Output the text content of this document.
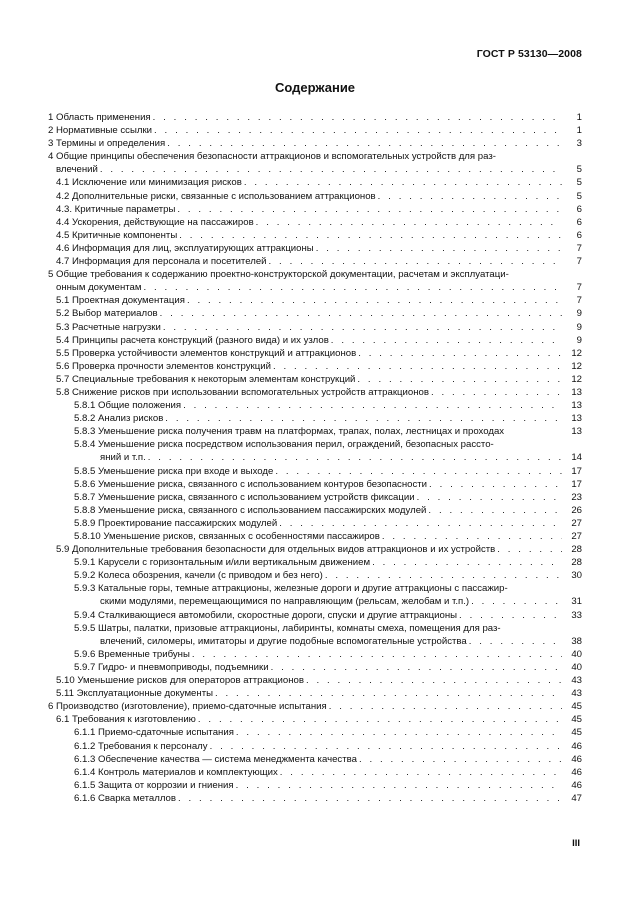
ГОСТ Р 53130—2008
Содержание
1 Область применения . . .	1
2 Нормативные ссылки . . .	1
3 Термины и определения . . .	3
4 Общие принципы обеспечения безопасности аттракционов и вспомогательных устройств для раз-
влечений . . .	5
4.1 Исключение или минимизация рисков . . .	5
4.2 Дополнительные риски, связанные с использованием аттракционов . . .	5
4.3. Критичные параметры . . .	6
4.4 Ускорения, действующие на пассажиров . . .	6
4.5 Критичные компоненты . . .	6
4.6 Информация для лиц, эксплуатирующих аттракционы . . .	7
4.7 Информация для персонала и посетителей . . .	7
5 Общие требования к содержанию проектно-конструкторской документации, расчетам и эксплуатаци-
онным документам . . .	7
5.1 Проектная документация . . .	7
5.2 Выбор материалов . . .	9
5.3 Расчетные нагрузки . . .	9
5.4 Принципы расчета конструкций (разного вида) и их узлов . . .	9
5.5 Проверка устойчивости элементов конструкций и аттракционов . . .	12
5.6 Проверка прочности элементов конструкций . . .	12
5.7 Специальные требования к некоторым элементам конструкций . . .	12
5.8 Снижение рисков при использовании вспомогательных устройств аттракционов . . .	13
5.8.1 Общие положения . . .	13
5.8.2 Анализ рисков . . .	13
5.8.3 Уменьшение риска получения травм на платформах, трапах, полах, лестницах и проходах	13
5.8.4 Уменьшение риска посредством использования перил, ограждений, безопасных рассто-
яний и т.п. . . .	14
5.8.5 Уменьшение риска при входе и выходе . . .	17
5.8.6 Уменьшение риска, связанного с использованием контуров безопасности . . .	17
5.8.7 Уменьшение риска, связанного с использованием устройств фиксации . . .	23
5.8.8 Уменьшение риска, связанного с использованием пассажирских модулей . . .	26
5.8.9 Проектирование пассажирских модулей . . .	27
5.8.10 Уменьшение рисков, связанных с особенностями пассажиров . . .	27
5.9 Дополнительные требования безопасности для отдельных видов аттракционов и их устройств . . .	28
5.9.1 Карусели с горизонтальным и/или вертикальным движением . . .	28
5.9.2 Колеса обозрения, качели (с приводом и без него) . . .	30
5.9.3 Катальные горы, темные аттракционы, железные дороги и другие аттракционы с пассажир-
скими модулями, перемещающимися по направляющим (рельсам, желобам и т.п.) . . .	31
5.9.4 Сталкивающиеся автомобили, скоростные дороги, спуски и другие аттракционы . . .	33
5.9.5 Шатры, палатки, призовые аттракционы, лабиринты, комнаты смеха, помещения для раз-
влечений, силомеры, имитаторы и другие подобные вспомогательные устройства . . .	38
5.9.6 Временные трибуны . . .	40
5.9.7 Гидро- и пневмоприводы, подъемники . . .	40
5.10 Уменьшение рисков для операторов аттракционов . . .	43
5.11 Эксплуатационные документы . . .	43
6 Производство (изготовление), приемо-сдаточные испытания . . .	45
6.1 Требования к изготовлению . . .	45
6.1.1 Приемо-сдаточные испытания . . .	45
6.1.2 Требования к персоналу . . .	46
6.1.3 Обеспечение качества — система менеджмента качества . . .	46
6.1.4 Контроль материалов и комплектующих . . .	46
6.1.5 Защита от коррозии и гниения . . .	46
6.1.6 Сварка металлов . . .	47
III
